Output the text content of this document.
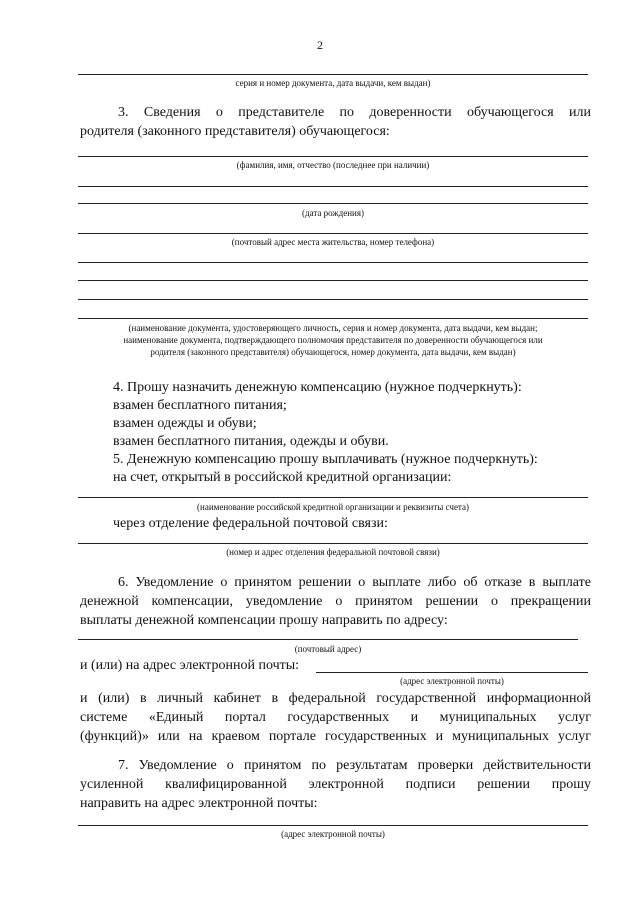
2
серия и номер документа, дата выдачи, кем выдан)
3. Сведения о представителе по доверенности обучающегося или
родителя (законного представителя) обучающегося:
(фамилия, имя, отчество (последнее при наличии)
(дата рождения)
(почтовый адрес места жительства, номер телефона)
(наименование документа, удостоверяющего личность, серия и номер документа, дата выдачи, кем выдан;
наименование документа, подтверждающего полномочия представителя по доверенности обучающегося или
родителя (законного представителя) обучающегося, номер документа, дата выдачи, кем выдан)
4. Прошу назначить денежную компенсацию (нужное подчеркнуть):
взамен бесплатного питания;
взамен одежды и обуви;
взамен бесплатного питания, одежды и обуви.
5. Денежную компенсацию прошу выплачивать (нужное подчеркнуть):
на счет, открытый в российской кредитной организации:
(наименование российской кредитной организации и реквизиты счета)
через отделение федеральной почтовой связи:
(номер и адрес отделения федеральной почтовой связи)
6. Уведомление о принятом решении о выплате либо об отказе в выплате
денежной компенсации, уведомление о принятом решении о прекращении
выплаты денежной компенсации прошу направить по адресу:
(почтовый адрес)
и (или) на адрес электронной почты:
(адрес электронной почты)
и (или) в личный кабинет в федеральной государственной информационной
системе «Единый портал государственных и муниципальных услуг
(функций)» или на краевом портале государственных и муниципальных услуг
7. Уведомление о принятом по результатам проверки действительности
усиленной квалифицированной электронной подписи решении прошу
направить на адрес электронной почты:
(адрес электронной почты)
